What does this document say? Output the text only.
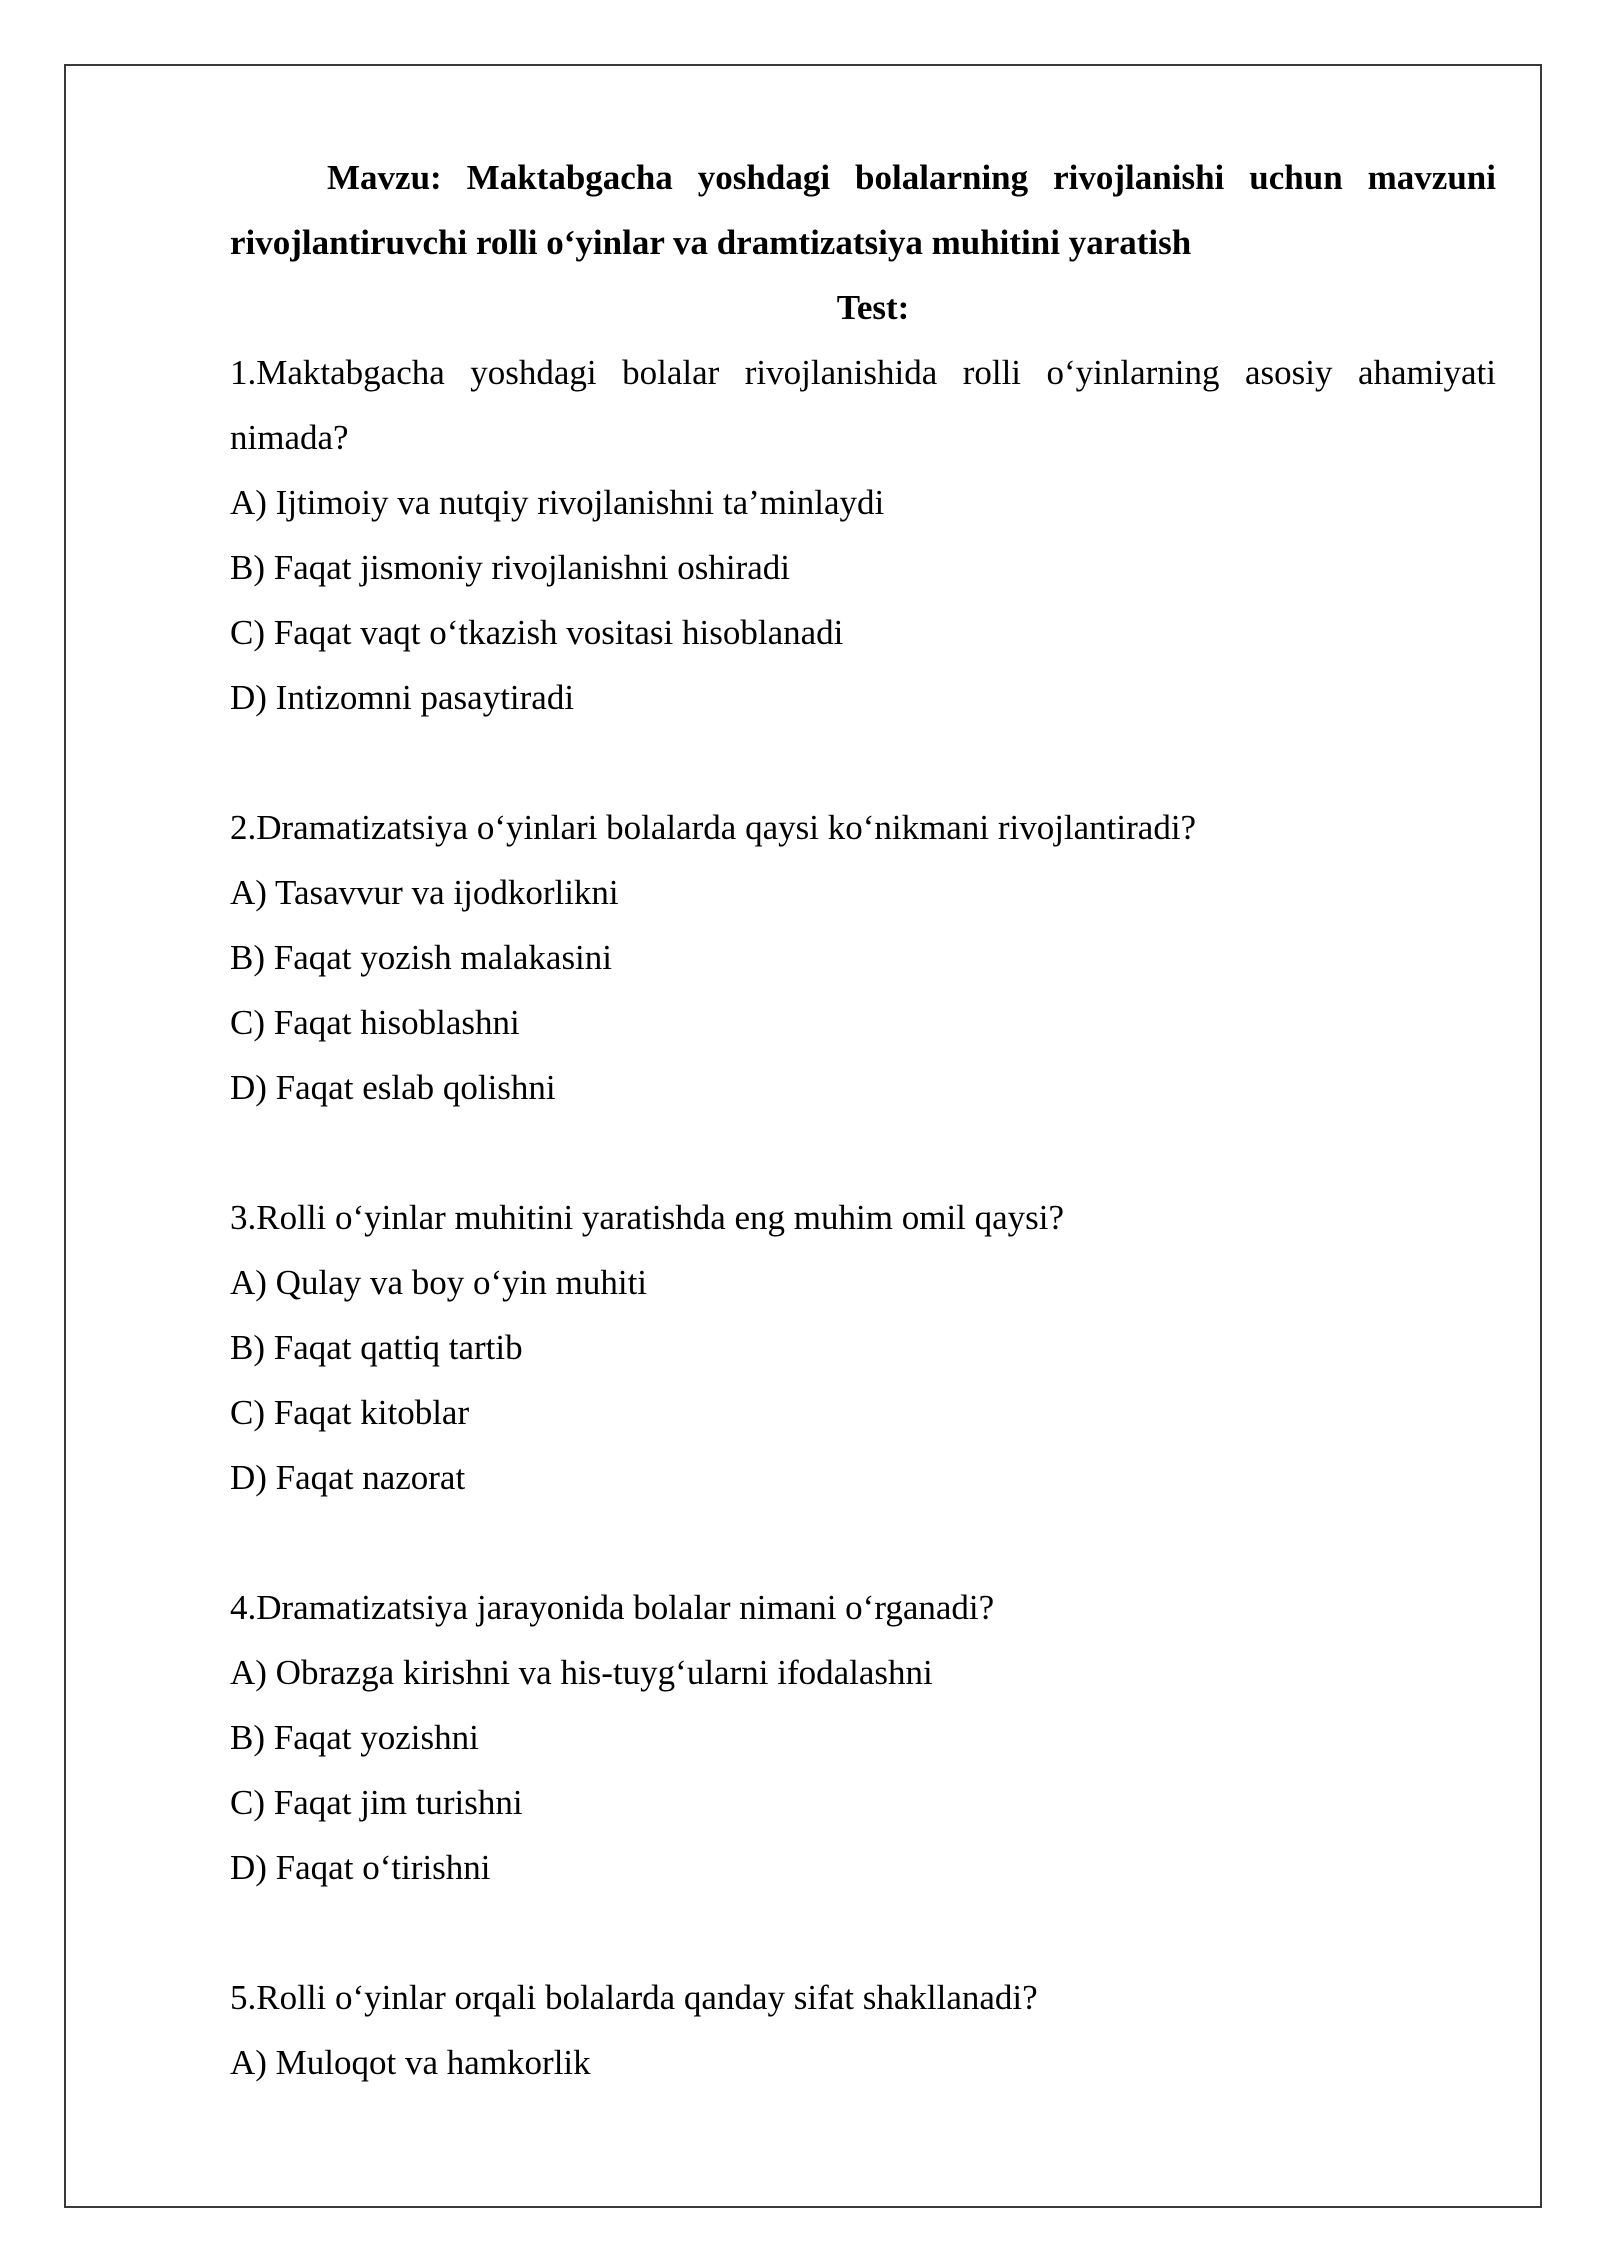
Mavzu: Maktabgacha yoshdagi bolalarning rivojlanishi uchun mavzuni rivojlantiruvchi rolli o‘yinlar va dramtizatsiya muhitini yaratish

Test:

1.Maktabgacha yoshdagi bolalar rivojlanishida rolli o‘yinlarning asosiy ahamiyati nimada?

A) Ijtimoiy va nutqiy rivojlanishni ta’minlaydi

B) Faqat jismoniy rivojlanishni oshiradi

C) Faqat vaqt o‘tkazish vositasi hisoblanadi

D) Intizomni pasaytiradi

2.Dramatizatsiya o‘yinlari bolalarda qaysi ko‘nikmani rivojlantiradi?

A) Tasavvur va ijodkorlikni

B) Faqat yozish malakasini

C) Faqat hisoblashni

D) Faqat eslab qolishni

3.Rolli o‘yinlar muhitini yaratishda eng muhim omil qaysi?

A) Qulay va boy o‘yin muhiti

B) Faqat qattiq tartib

C) Faqat kitoblar

D) Faqat nazorat

4.Dramatizatsiya jarayonida bolalar nimani o‘rganadi?

A) Obrazga kirishni va his-tuyg‘ularni ifodalashni

B) Faqat yozishni

C) Faqat jim turishni

D) Faqat o‘tirishni

5.Rolli o‘yinlar orqali bolalarda qanday sifat shakllanadi?

A) Muloqot va hamkorlik
